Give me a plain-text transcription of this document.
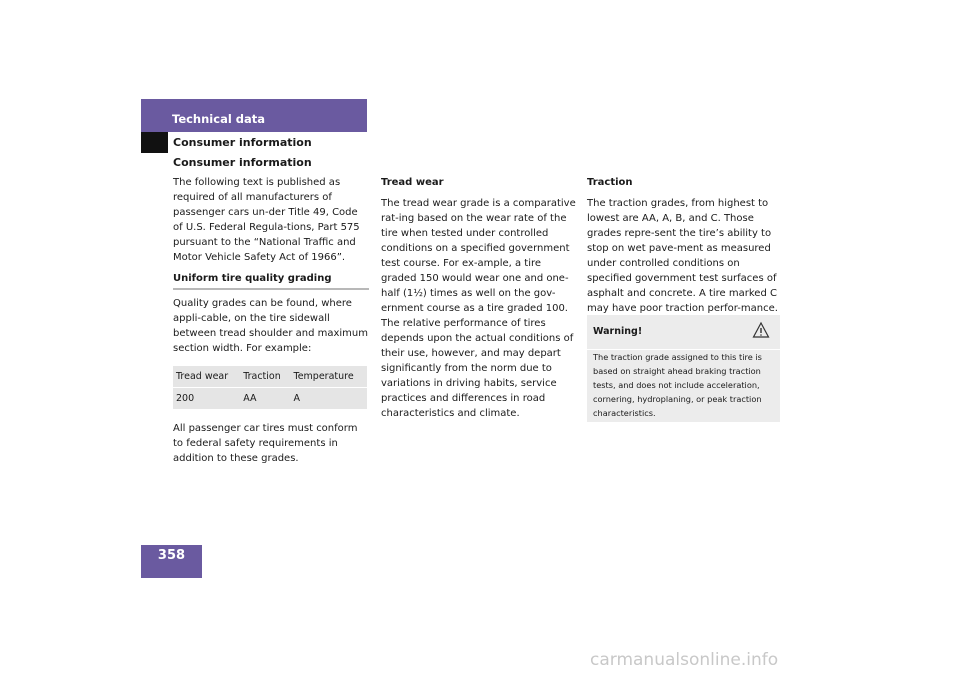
Technical data
Consumer information

Consumer information

The following text is published as required of all manufacturers of passenger cars un-der Title 49, Code of U.S. Federal Regula-tions, Part 575 pursuant to the “National Traffic and Motor Vehicle Safety Act of 1966”.

Uniform tire quality grading

Quality grades can be found, where appli-cable, on the tire sidewall between tread shoulder and maximum section width. For example:

Tread wear	Traction	Temperature
200	AA	A

All passenger car tires must conform to federal safety requirements in addition to these grades.

Tread wear

The tread wear grade is a comparative rat-ing based on the wear rate of the tire when tested under controlled conditions on a specified government test course. For ex-ample, a tire graded 150 would wear one and one-half (1½) times as well on the gov-ernment course as a tire graded 100. The relative performance of tires depends upon the actual conditions of their use, however, and may depart significantly from the norm due to variations in driving habits, service practices and differences in road characteristics and climate.

Traction

The traction grades, from highest to lowest are AA, A, B, and C. Those grades repre-sent the tire’s ability to stop on wet pave-ment as measured under controlled conditions on specified government test surfaces of asphalt and concrete. A tire marked C may have poor traction perfor-mance.

Warning!
The traction grade assigned to this tire is based on straight ahead braking traction tests, and does not include acceleration, cornering, hydroplaning, or peak traction characteristics.
358
carmanualsonline.info
